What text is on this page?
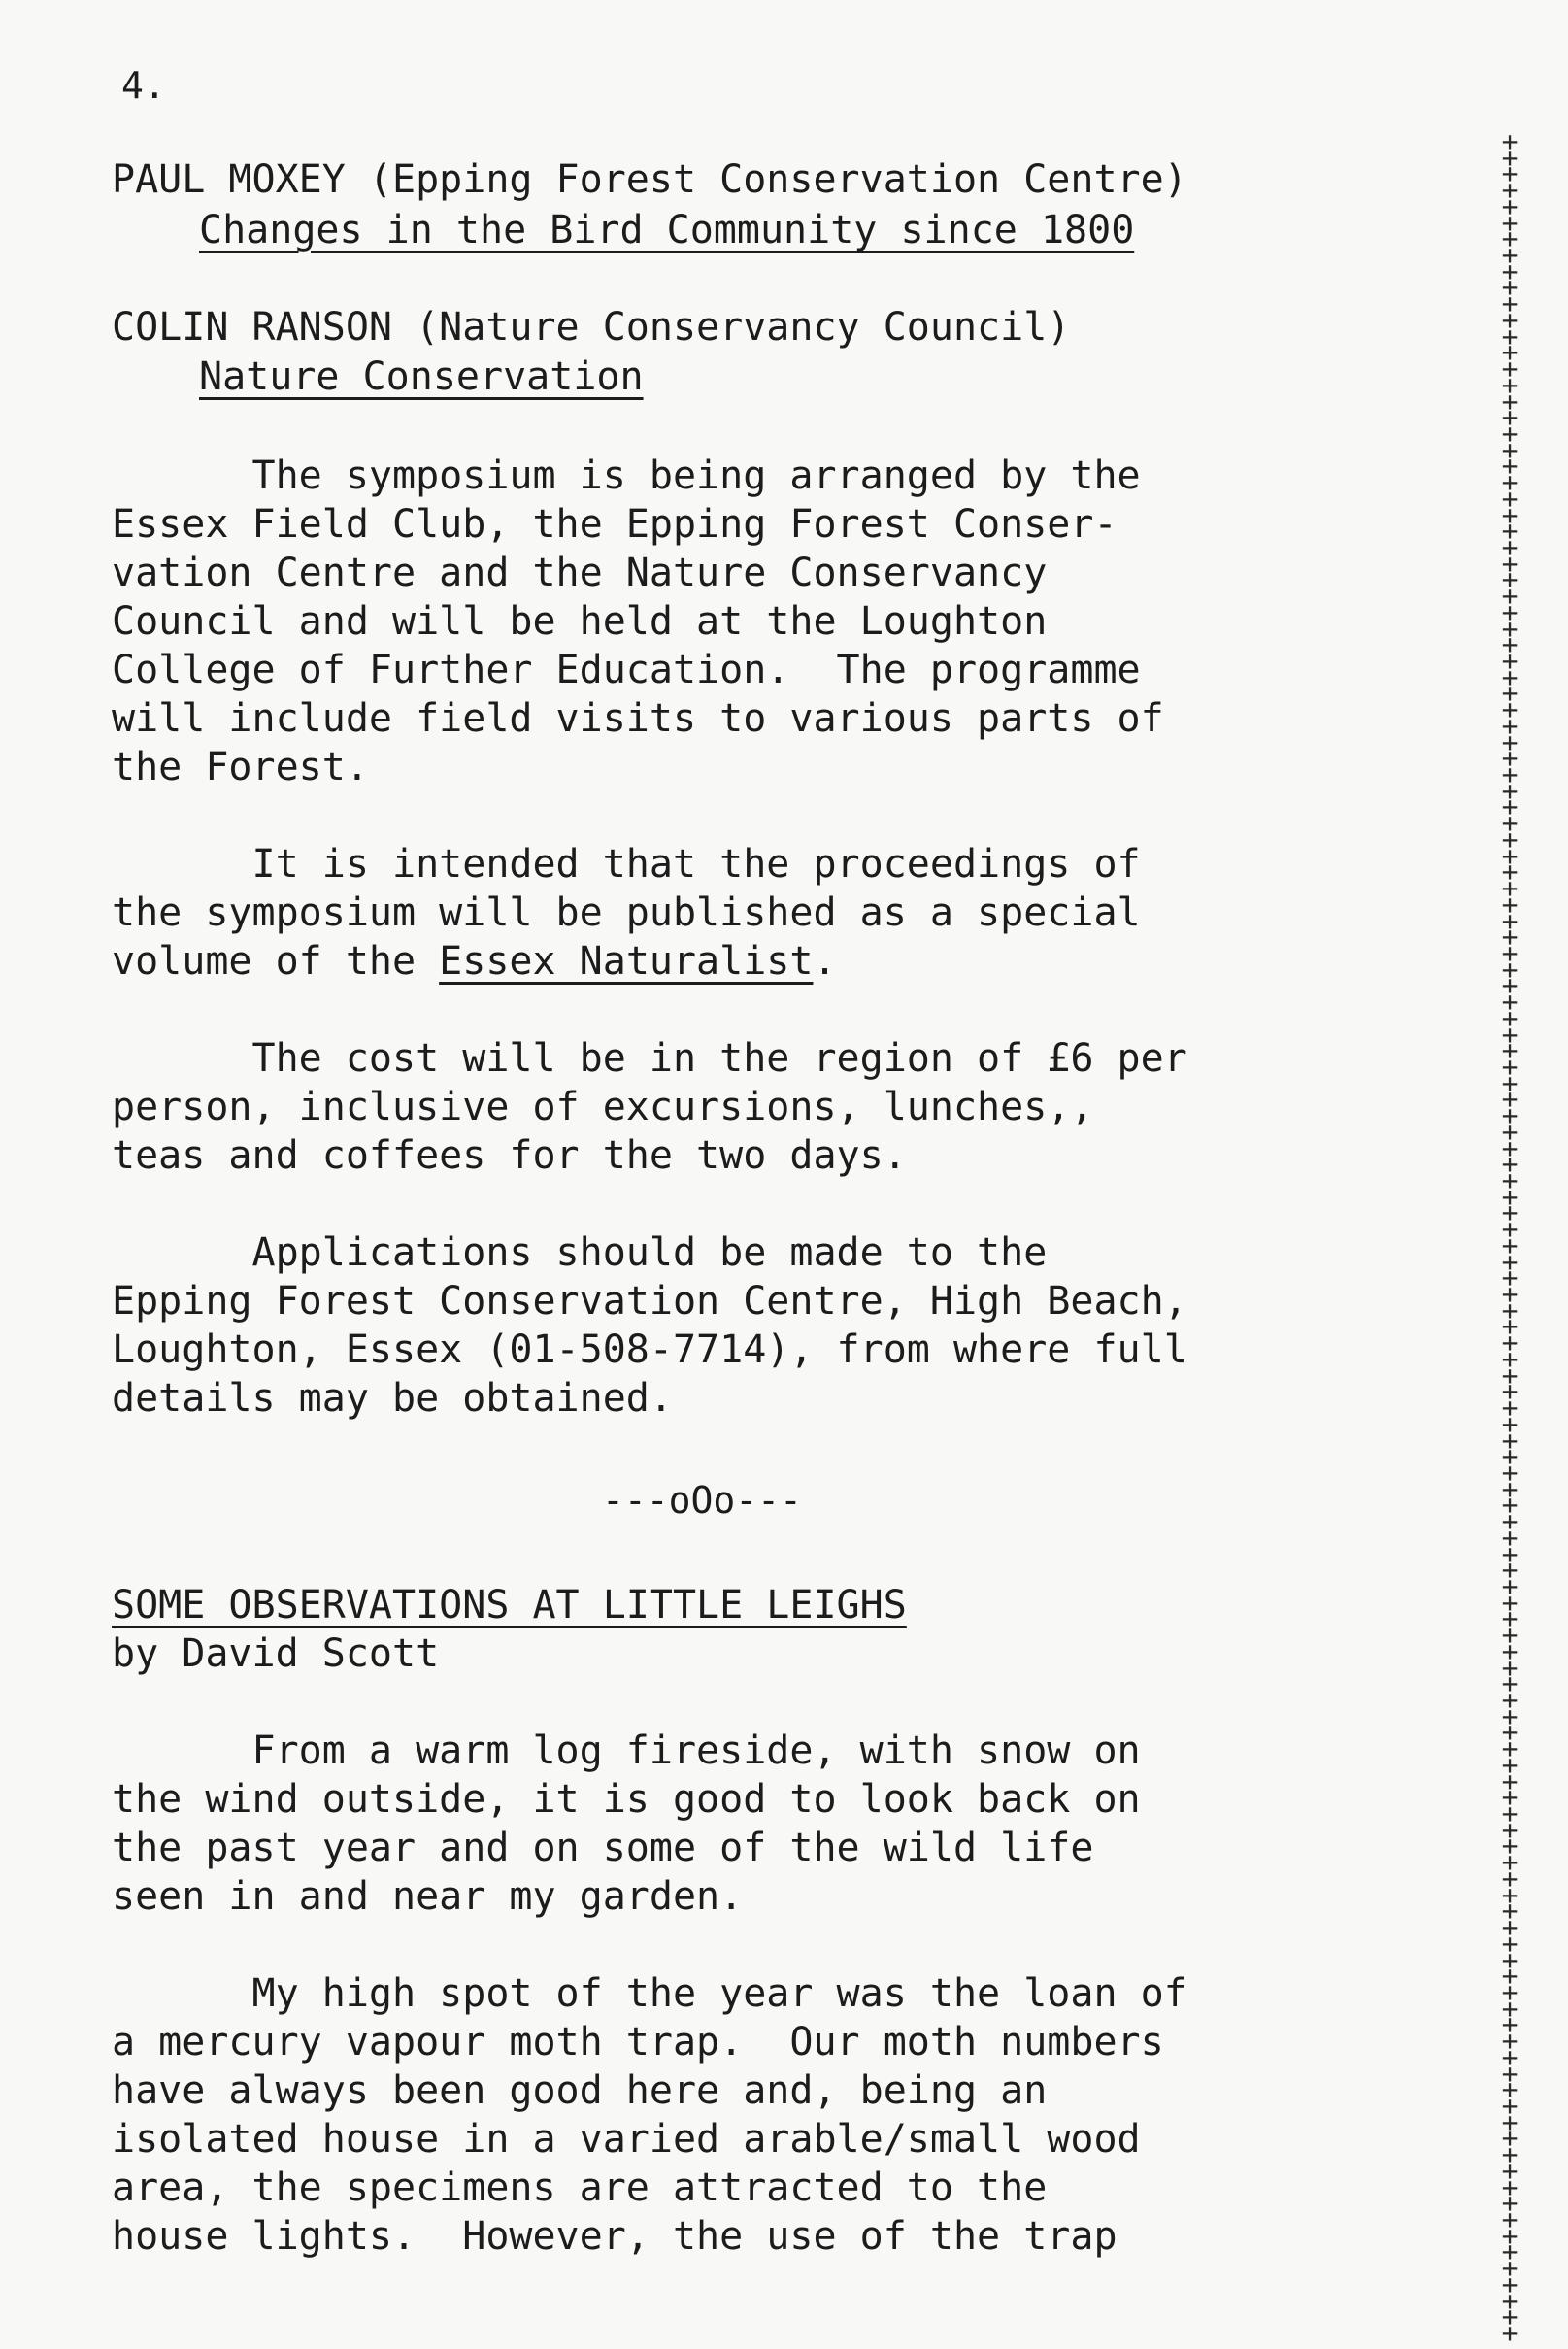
4.
PAUL MOXEY (Epping Forest Conservation Centre)
Changes in the Bird Community since 1800
COLIN RANSON (Nature Conservancy Council)
Nature Conservation
The symposium is being arranged by the
Essex Field Club, the Epping Forest Conser-
vation Centre and the Nature Conservancy
Council and will be held at the Loughton
College of Further Education.  The programme
will include field visits to various parts of
the Forest.
It is intended that the proceedings of
the symposium will be published as a special
volume of the Essex Naturalist.
The cost will be in the region of £6 per
person, inclusive of excursions, lunches,,
teas and coffees for the two days.
Applications should be made to the
Epping Forest Conservation Centre, High Beach,
Loughton, Essex (01-508-7714), from where full
details may be obtained.
---oOo---
SOME OBSERVATIONS AT LITTLE LEIGHS
by David Scott
From a warm log fireside, with snow on
the wind outside, it is good to look back on
the past year and on some of the wild life
seen in and near my garden.
My high spot of the year was the loan of
a mercury vapour moth trap.  Our moth numbers
have always been good here and, being an
isolated house in a varied arable/small wood
area, the specimens are attracted to the
house lights.  However, the use of the trap
+
+
+
+
+
+
+
+
+
+
+
+
+
+
+
+
+
+
+
+
+
+
+
+
+
+
+
+
+
+
+
+
+
+
+
+
+
+
+
+
+
+
+
+
+
+
+
+
+
+
+
+
+
+
+
+
+
+
+
+
+
+
+
+
+
+
+
+
+
+
+
+
+
+
+
+
+
+
+
+
+
+
+
+
+
+
+
+
+
+
+
+
+
+
+
+
+
+
+
+
+
+
+
+
+
+
+
+
+
+
+
+
+
+
+
+
+
+
+
+
+
+
+
+
+
+
+
+
+
+
+
+
+
+
+
+
